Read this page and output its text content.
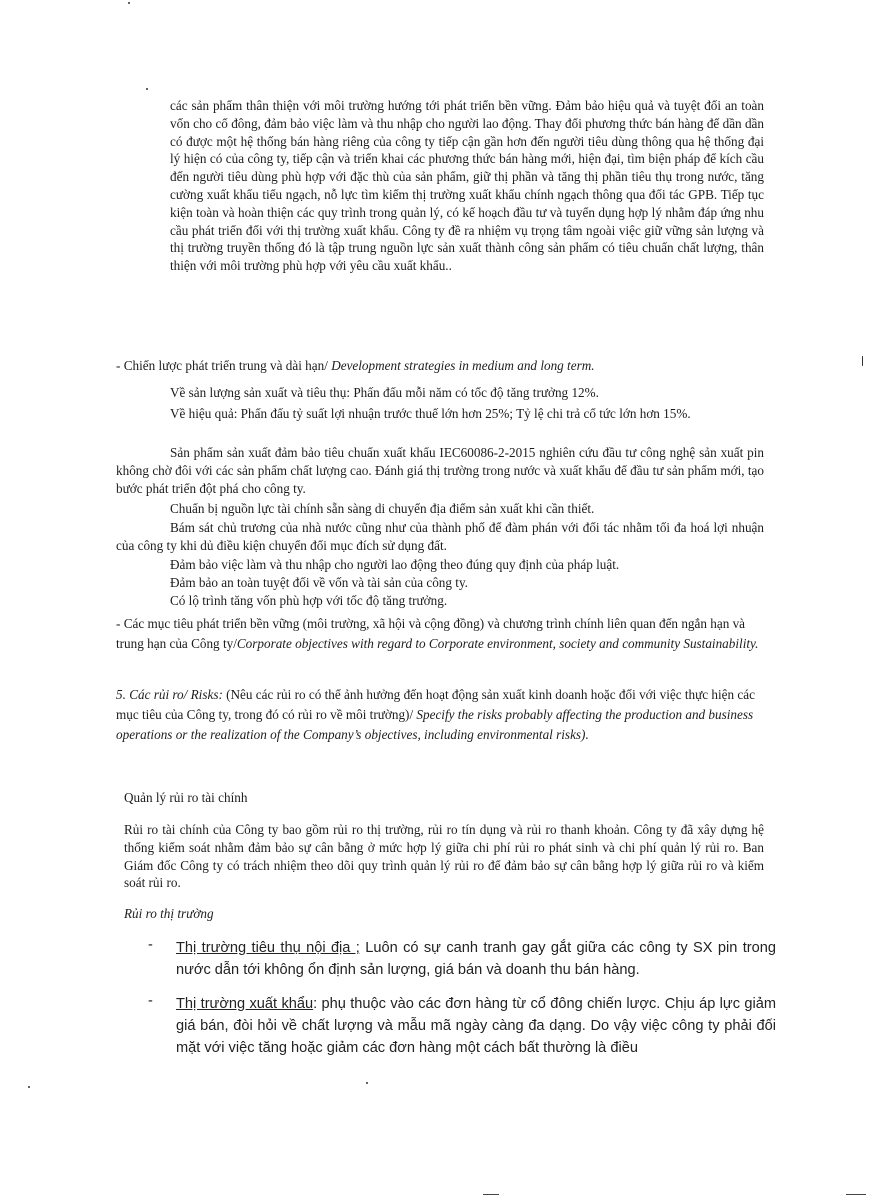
các sản phẩm thân thiện với môi trường hướng tới phát triển bền vững. Đảm bảo hiệu quả và tuyệt đối an toàn vốn cho cổ đông, đảm bảo việc làm và thu nhập cho người lao động. Thay đổi phương thức bán hàng để dần dần có được một hệ thống bán hàng riêng của công ty tiếp cận gần hơn đến người tiêu dùng thông qua hệ thống đại lý hiện có của công ty, tiếp cận và triển khai các phương thức bán hàng mới, hiện đại, tìm biện pháp để kích cầu đến người tiêu dùng phù hợp với đặc thù của sản phẩm, giữ thị phần và tăng thị phần tiêu thụ trong nước, tăng cường xuất khẩu tiểu ngạch, nỗ lực tìm kiếm thị trường xuất khẩu chính ngạch thông qua đối tác GPB. Tiếp tục kiện toàn và hoàn thiện các quy trình trong quản lý, có kế hoạch đầu tư và tuyển dụng hợp lý nhằm đáp ứng nhu cầu phát triển đối với thị trường xuất khẩu. Công ty đề ra nhiệm vụ trọng tâm ngoài việc giữ vững sản lượng và thị trường truyền thống đó là tập trung nguồn lực sản xuất thành công sản phẩm có tiêu chuẩn chất lượng, thân thiện với môi trường phù hợp với yêu cầu xuất khẩu..

- Chiến lược phát triển trung và dài hạn/ Development strategies in medium and long term.
Về sản lượng sản xuất và tiêu thụ: Phấn đấu mỗi năm có tốc độ tăng trưởng 12%.
Về hiệu quả: Phấn đấu tỷ suất lợi nhuận trước thuế lớn hơn 25%; Tỷ lệ chi trả cổ tức lớn hơn 15%.
Sản phẩm sản xuất đảm bảo tiêu chuẩn xuất khẩu IEC60086-2-2015 nghiên cứu đầu tư công nghệ sản xuất pin không chờ đôi với các sản phẩm chất lượng cao. Đánh giá thị trường trong nước và xuất khẩu để đầu tư sản phẩm mới, tạo bước phát triển đột phá cho công ty.
Chuẩn bị nguồn lực tài chính sẵn sàng di chuyển địa điểm sản xuất khi cần thiết.
Bám sát chủ trương của nhà nước cũng như của thành phố để đàm phán với đối tác nhằm tối đa hoá lợi nhuận của công ty khi dủ điều kiện chuyển đổi mục đích sử dụng đất.
Đảm bảo việc làm và thu nhập cho người lao động theo đúng quy định của pháp luật.
Đảm bảo an toàn tuyệt đối về vốn và tài sản của công ty.
Có lộ trình tăng vốn phù hợp với tốc độ tăng trưởng.
- Các mục tiêu phát triển bền vững (môi trường, xã hội và cộng đồng) và chương trình chính liên quan đến ngắn hạn và trung hạn của Công ty/Corporate objectives with regard to Corporate environment, society and community Sustainability.
5. Các rủi ro/ Risks: (Nêu các rủi ro có thể ảnh hưởng đến hoạt động sản xuất kinh doanh hoặc đối với việc thực hiện các mục tiêu của Công ty, trong đó có rủi ro về môi trường)/ Specify the risks probably affecting the production and business operations or the realization of the Company’s objectives, including environmental risks).
Quản lý rủi ro tài chính
Rủi ro tài chính của Công ty bao gồm rủi ro thị trường, rủi ro tín dụng và rủi ro thanh khoản. Công ty đã xây dựng hệ thống kiểm soát nhằm đảm bảo sự cân bằng ở mức hợp lý giữa chi phí rủi ro phát sinh và chi phí quản lý rủi ro. Ban Giám đốc Công ty có trách nhiệm theo dõi quy trình quản lý rủi ro để đảm bảo sự cân bằng hợp lý giữa rủi ro và kiểm soát rủi ro.
Rủi ro thị trường
- Thị trường tiêu thụ nội địa ; Luôn có sự canh tranh gay gắt giữa các công ty SX pin trong nước dẫn tới không ổn định sản lượng, giá bán và doanh thu bán hàng.
- Thị trường xuất khẩu: phụ thuộc vào các đơn hàng từ cổ đông chiến lược. Chịu áp lực giảm giá bán, đòi hỏi về chất lượng và mẫu mã ngày càng đa dạng. Do vậy việc công ty phải đối mặt với việc tăng hoặc giảm các đơn hàng một cách bất thường là điều
